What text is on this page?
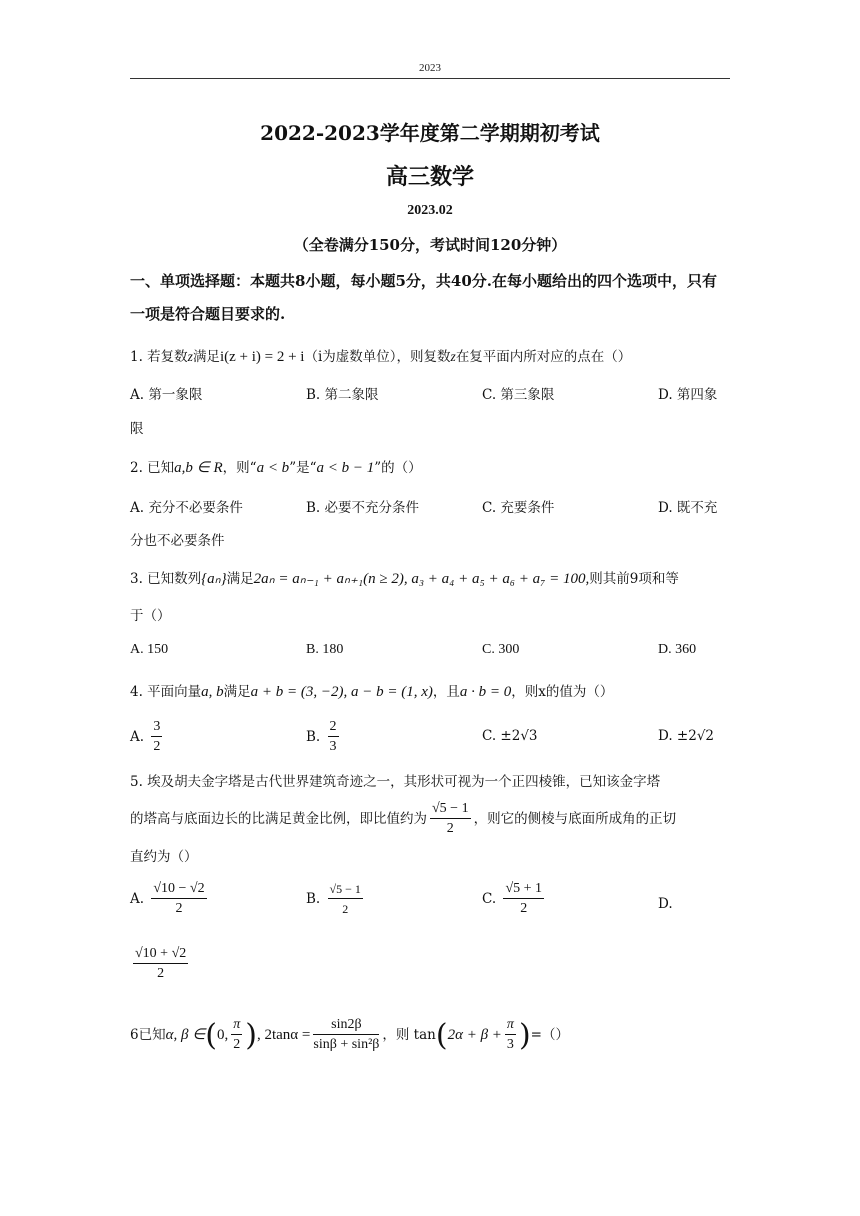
2023
2022-2023学年度第二学期期初考试
高三数学
2023.02
（全卷满分150分，考试时间120分钟）
一、单项选择题：本题共8小题，每小题5分，共40分.在每小题给出的四个选项中，只有一项是符合题目要求的.
1. 若复数z满足i(z + i) = 2 + i（i为虚数单位），则复数z在复平面内所对应的点在（）
A. 第一象限	B. 第二象限	C. 第三象限	D. 第四象
限
2. 已知a,b ∈ R，则“a < b”是“a < b − 1”的（）
A. 充分不必要条件	B. 必要不充分条件	C. 充要条件	D. 既不充
分也不必要条件
3. 已知数列{aₙ}满足2aₙ = aₙ₋₁ + aₙ₊₁(n ≥ 2), a₃ + a₄ + a₅ + a₆ + a₇ = 100,则其前9项和等
于（）
A. 150	B. 180	C. 300	D. 360
4. 平面向量a, b满足a + b = (3, −2), a − b = (1, x)，且a · b = 0，则x的值为（）
A. $\frac{3}{2}$	B. $\frac{2}{3}$	C. ±2√3	D. ±2√2
5. 埃及胡夫金字塔是古代世界建筑奇迹之一，其形状可视为一个正四棱锥，已知该金字塔
的塔高与底面边长的比满足黄金比例，即比值约为 $\frac{√5 - 1}{2}$ ，则它的侧棱与底面所成角的正切
直约为（）
A. $\frac{√10 - √2}{2}$	B. $\frac{√5 - 1}{2}$	C. $\frac{√5 + 1}{2}$	D.
$\frac{√10 + √2}{2}$
6已知α, β ∈(0, $\frac{\pi}{2}$ ), $2\tan\alpha = \frac{\sin 2\beta}{\text{sinβ + sin²β}}$ ，则 $\tan(2\alpha + \beta + \frac{\pi}{3}$ )=（）
